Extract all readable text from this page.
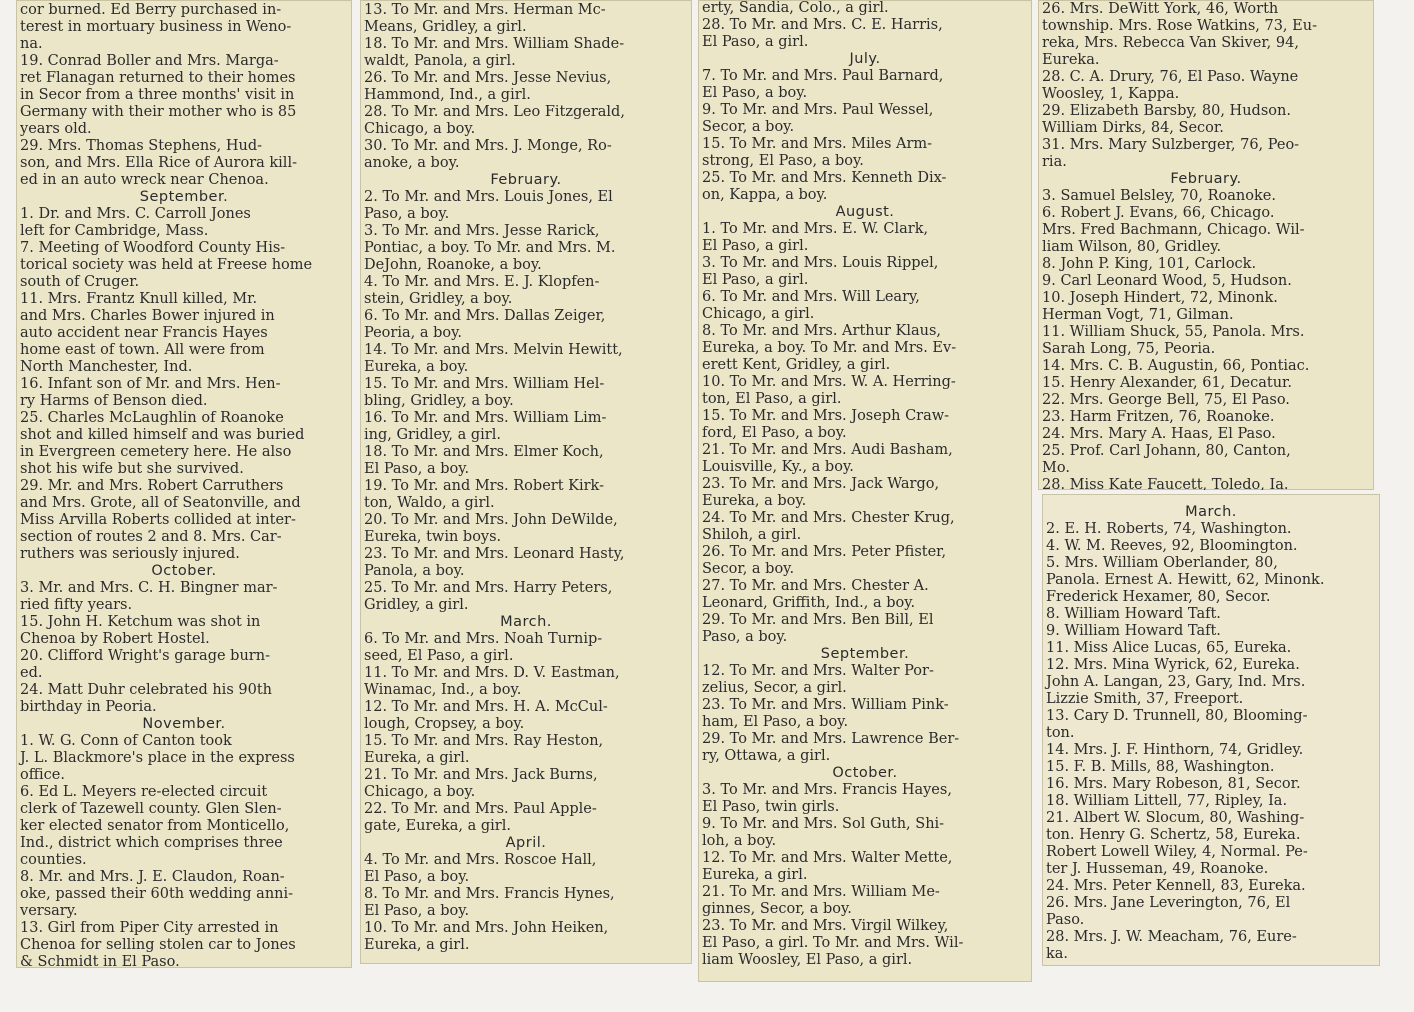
cor burned. Ed Berry purchased in-

terest in mortuary business in Weno-

na.

19. Conrad Boller and Mrs. Marga-

ret Flanagan returned to their homes

in Secor from a three months' visit in

Germany with their mother who is 85

years old.

29. Mrs. Thomas Stephens, Hud-

son, and Mrs. Ella Rice of Aurora kill-

ed in an auto wreck near Chenoa.

September.

1. Dr. and Mrs. C. Carroll Jones

left for Cambridge, Mass.

7. Meeting of Woodford County His-

torical society was held at Freese home

south of Cruger.

11. Mrs. Frantz Knull killed, Mr.

and Mrs. Charles Bower injured in

auto accident near Francis Hayes

home east of town. All were from

North Manchester, Ind.

16. Infant son of Mr. and Mrs. Hen-

ry Harms of Benson died.

25. Charles McLaughlin of Roanoke

shot and killed himself and was buried

in Evergreen cemetery here. He also

shot his wife but she survived.

29. Mr. and Mrs. Robert Carruthers

and Mrs. Grote, all of Seatonville, and

Miss Arvilla Roberts collided at inter-

section of routes 2 and 8. Mrs. Car-

ruthers was seriously injured.

October.

3. Mr. and Mrs. C. H. Bingner mar-

ried fifty years.

15. John H. Ketchum was shot in

Chenoa by Robert Hostel.

20. Clifford Wright's garage burn-

ed.

24. Matt Duhr celebrated his 90th

birthday in Peoria.

November.

1. W. G. Conn of Canton took

J. L. Blackmore's place in the express

office.

6. Ed L. Meyers re-elected circuit

clerk of Tazewell county. Glen Slen-

ker elected senator from Monticello,

Ind., district which comprises three

counties.

8. Mr. and Mrs. J. E. Claudon, Roan-

oke, passed their 60th wedding anni-

versary.

13. Girl from Piper City arrested in

Chenoa for selling stolen car to Jones

& Schmidt in El Paso.

13. To Mr. and Mrs. Herman Mc-

Means, Gridley, a girl.

18. To Mr. and Mrs. William Shade-

waldt, Panola, a girl.

26. To Mr. and Mrs. Jesse Nevius,

Hammond, Ind., a girl.

28. To Mr. and Mrs. Leo Fitzgerald,

Chicago, a boy.

30. To Mr. and Mrs. J. Monge, Ro-

anoke, a boy.

February.

2. To Mr. and Mrs. Louis Jones, El

Paso, a boy.

3. To Mr. and Mrs. Jesse Rarick,

Pontiac, a boy. To Mr. and Mrs. M.

DeJohn, Roanoke, a boy.

4. To Mr. and Mrs. E. J. Klopfen-

stein, Gridley, a boy.

6. To Mr. and Mrs. Dallas Zeiger,

Peoria, a boy.

14. To Mr. and Mrs. Melvin Hewitt,

Eureka, a boy.

15. To Mr. and Mrs. William Hel-

bling, Gridley, a boy.

16. To Mr. and Mrs. William Lim-

ing, Gridley, a girl.

18. To Mr. and Mrs. Elmer Koch,

El Paso, a boy.

19. To Mr. and Mrs. Robert Kirk-

ton, Waldo, a girl.

20. To Mr. and Mrs. John DeWilde,

Eureka, twin boys.

23. To Mr. and Mrs. Leonard Hasty,

Panola, a boy.

25. To Mr. and Mrs. Harry Peters,

Gridley, a girl.

March.

6. To Mr. and Mrs. Noah Turnip-

seed, El Paso, a girl.

11. To Mr. and Mrs. D. V. Eastman,

Winamac, Ind., a boy.

12. To Mr. and Mrs. H. A. McCul-

lough, Cropsey, a boy.

15. To Mr. and Mrs. Ray Heston,

Eureka, a girl.

21. To Mr. and Mrs. Jack Burns,

Chicago, a boy.

22. To Mr. and Mrs. Paul Apple-

gate, Eureka, a girl.

April.

4. To Mr. and Mrs. Roscoe Hall,

El Paso, a boy.

8. To Mr. and Mrs. Francis Hynes,

El Paso, a boy.

10. To Mr. and Mrs. John Heiken,

Eureka, a girl.

erty, Sandia, Colo., a girl.

28. To Mr. and Mrs. C. E. Harris,

El Paso, a girl.

July.

7. To Mr. and Mrs. Paul Barnard,

El Paso, a boy.

9. To Mr. and Mrs. Paul Wessel,

Secor, a boy.

15. To Mr. and Mrs. Miles Arm-

strong, El Paso, a boy.

25. To Mr. and Mrs. Kenneth Dix-

on, Kappa, a boy.

August.

1. To Mr. and Mrs. E. W. Clark,

El Paso, a girl.

3. To Mr. and Mrs. Louis Rippel,

El Paso, a girl.

6. To Mr. and Mrs. Will Leary,

Chicago, a girl.

8. To Mr. and Mrs. Arthur Klaus,

Eureka, a boy. To Mr. and Mrs. Ev-

erett Kent, Gridley, a girl.

10. To Mr. and Mrs. W. A. Herring-

ton, El Paso, a girl.

15. To Mr. and Mrs. Joseph Craw-

ford, El Paso, a boy.

21. To Mr. and Mrs. Audi Basham,

Louisville, Ky., a boy.

23. To Mr. and Mrs. Jack Wargo,

Eureka, a boy.

24. To Mr. and Mrs. Chester Krug,

Shiloh, a girl.

26. To Mr. and Mrs. Peter Pfister,

Secor, a boy.

27. To Mr. and Mrs. Chester A.

Leonard, Griffith, Ind., a boy.

29. To Mr. and Mrs. Ben Bill, El

Paso, a boy.

September.

12. To Mr. and Mrs. Walter Por-

zelius, Secor, a girl.

23. To Mr. and Mrs. William Pink-

ham, El Paso, a boy.

29. To Mr. and Mrs. Lawrence Ber-

ry, Ottawa, a girl.

October.

3. To Mr. and Mrs. Francis Hayes,

El Paso, twin girls.

9. To Mr. and Mrs. Sol Guth, Shi-

loh, a boy.

12. To Mr. and Mrs. Walter Mette,

Eureka, a girl.

21. To Mr. and Mrs. William Me-

ginnes, Secor, a boy.

23. To Mr. and Mrs. Virgil Wilkey,

El Paso, a girl. To Mr. and Mrs. Wil-

liam Woosley, El Paso, a girl.

26. Mrs. DeWitt York, 46, Worth

township. Mrs. Rose Watkins, 73, Eu-

reka, Mrs. Rebecca Van Skiver, 94,

Eureka.

28. C. A. Drury, 76, El Paso. Wayne

Woosley, 1, Kappa.

29. Elizabeth Barsby, 80, Hudson.

William Dirks, 84, Secor.

31. Mrs. Mary Sulzberger, 76, Peo-

ria.

February.

3. Samuel Belsley, 70, Roanoke.

6. Robert J. Evans, 66, Chicago.

Mrs. Fred Bachmann, Chicago. Wil-

liam Wilson, 80, Gridley.

8. John P. King, 101, Carlock.

9. Carl Leonard Wood, 5, Hudson.

10. Joseph Hindert, 72, Minonk.

Herman Vogt, 71, Gilman.

11. William Shuck, 55, Panola. Mrs.

Sarah Long, 75, Peoria.

14. Mrs. C. B. Augustin, 66, Pontiac.

15. Henry Alexander, 61, Decatur.

22. Mrs. George Bell, 75, El Paso.

23. Harm Fritzen, 76, Roanoke.

24. Mrs. Mary A. Haas, El Paso.

25. Prof. Carl Johann, 80, Canton,

Mo.

28. Miss Kate Faucett, Toledo, Ia.

March.

2. E. H. Roberts, 74, Washington.

4. W. M. Reeves, 92, Bloomington.

5. Mrs. William Oberlander, 80,

Panola. Ernest A. Hewitt, 62, Minonk.

Frederick Hexamer, 80, Secor.

8. William Howard Taft.

9. William Howard Taft.

11. Miss Alice Lucas, 65, Eureka.

12. Mrs. Mina Wyrick, 62, Eureka.

John A. Langan, 23, Gary, Ind. Mrs.

Lizzie Smith, 37, Freeport.

13. Cary D. Trunnell, 80, Blooming-

ton.

14. Mrs. J. F. Hinthorn, 74, Gridley.

15. F. B. Mills, 88, Washington.

16. Mrs. Mary Robeson, 81, Secor.

18. William Littell, 77, Ripley, Ia.

21. Albert W. Slocum, 80, Washing-

ton. Henry G. Schertz, 58, Eureka.

Robert Lowell Wiley, 4, Normal. Pe-

ter J. Husseman, 49, Roanoke.

24. Mrs. Peter Kennell, 83, Eureka.

26. Mrs. Jane Leverington, 76, El

Paso.

28. Mrs. J. W. Meacham, 76, Eure-

ka.
